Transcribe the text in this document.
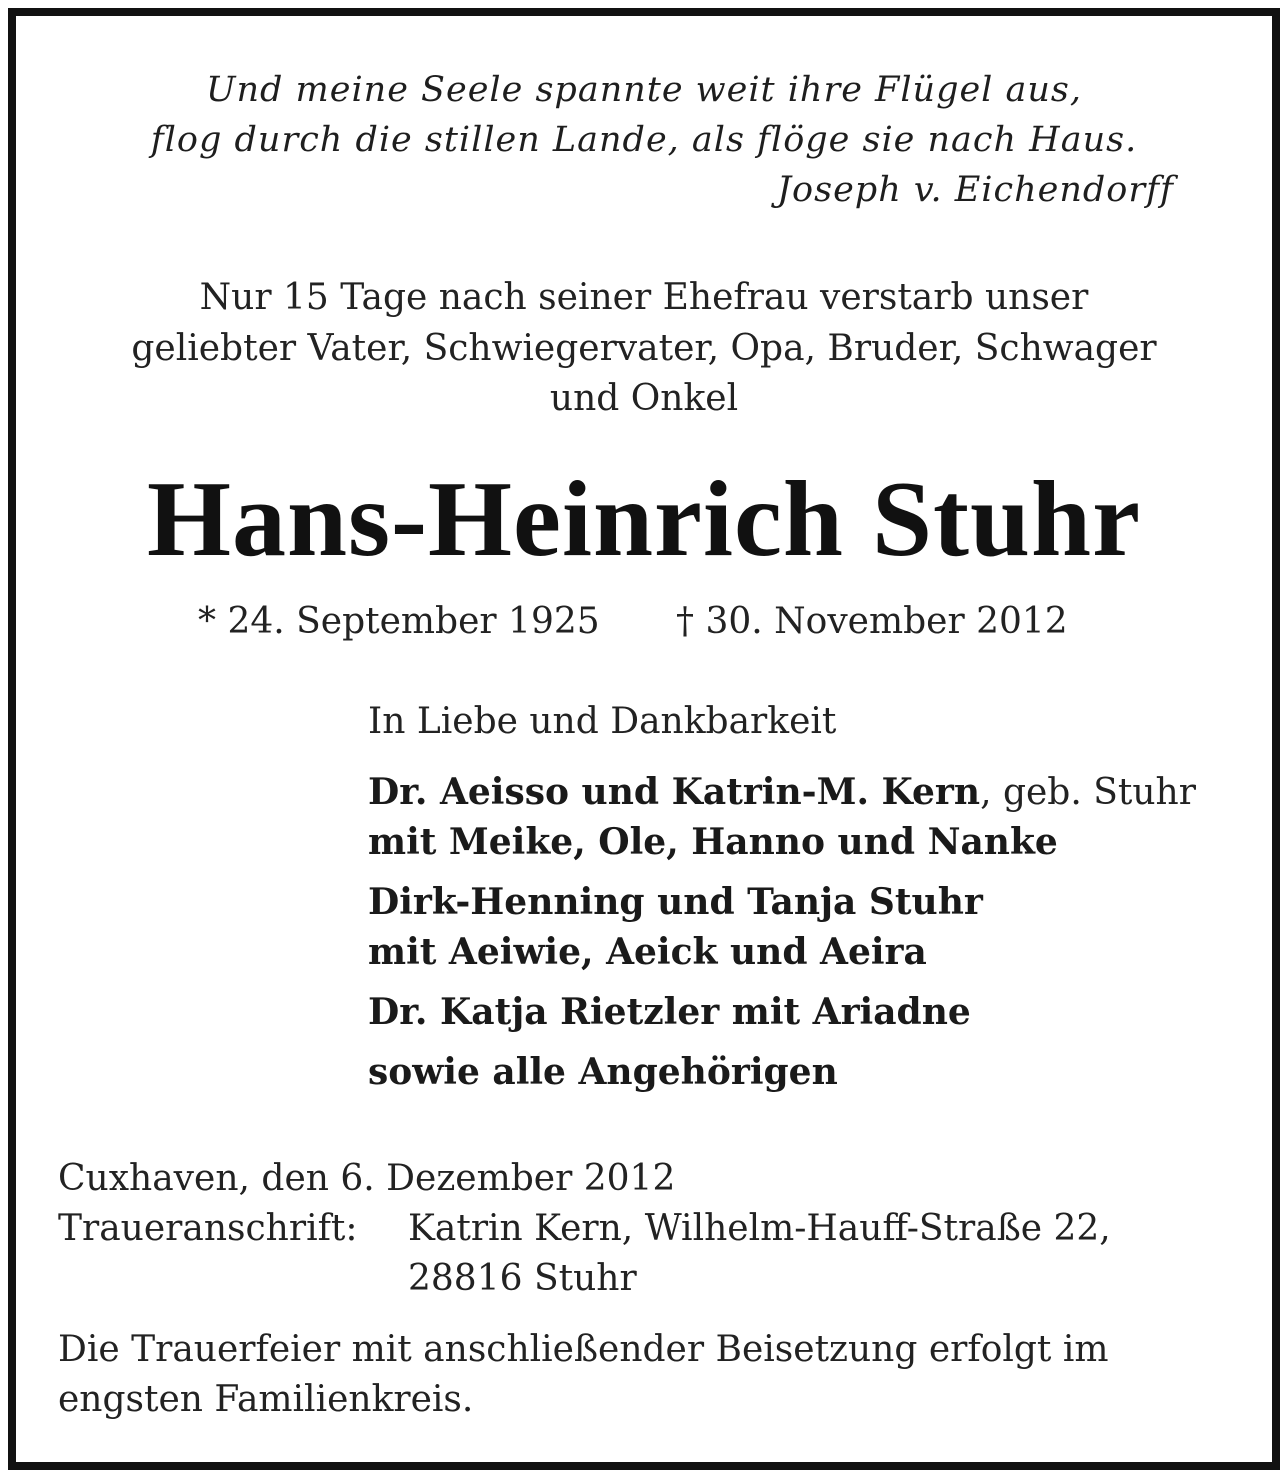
Und meine Seele spannte weit ihre Flügel aus,
flog durch die stillen Lande, als flöge sie nach Haus.
Joseph v. Eichendorff
Nur 15 Tage nach seiner Ehefrau verstarb unser
geliebter Vater, Schwiegervater, Opa, Bruder, Schwager
und Onkel
Hans-Heinrich Stuhr
* 24. September 1925 † 30. November 2012
In Liebe und Dankbarkeit
Dr. Aeisso und Katrin-M. Kern, geb. Stuhr
mit Meike, Ole, Hanno und Nanke
Dirk-Henning und Tanja Stuhr
mit Aeiwie, Aeick und Aeira
Dr. Katja Rietzler mit Ariadne
sowie alle Angehörigen
Cuxhaven, den 6. Dezember 2012
Traueranschrift: Katrin Kern, Wilhelm-Hauff-Straße 22,
28816 Stuhr
Die Trauerfeier mit anschließender Beisetzung erfolgt im
engsten Familienkreis.
